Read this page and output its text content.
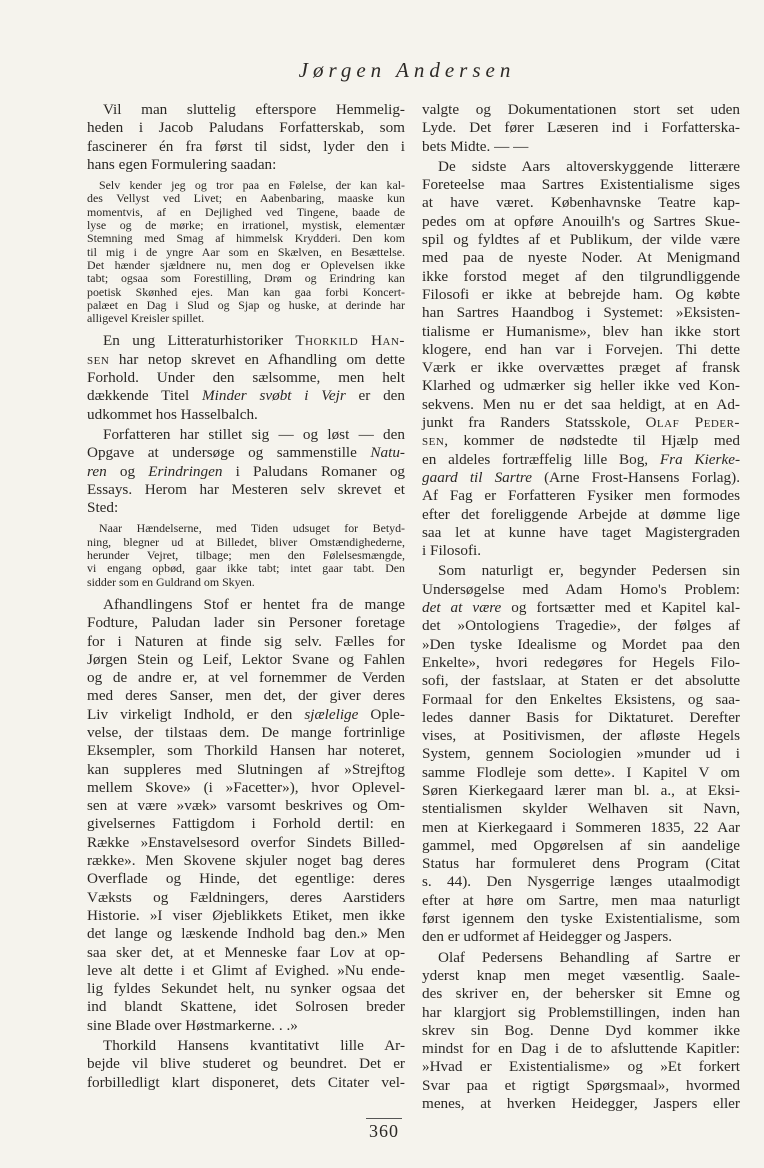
Jørgen Andersen
Vil man sluttelig efterspore Hemmelig-
heden i Jacob Paludans Forfatterskab, som
fascinerer én fra først til sidst, lyder den i
hans egen Formulering saadan:
Selv kender jeg og tror paa en Følelse, der kan kal-
des Vellyst ved Livet; en Aabenbaring, maaske kun
momentvis, af en Dejlighed ved Tingene, baade de
lyse og de mørke; en irrationel, mystisk, elementær
Stemning med Smag af himmelsk Krydderi. Den kom
til mig i de yngre Aar som en Skælven, en Besættelse.
Det hænder sjældnere nu, men dog er Oplevelsen ikke
tabt; ogsaa som Forestilling, Drøm og Erindring kan
poetisk Skønhed ejes. Man kan gaa forbi Koncert-
palæet en Dag i Slud og Sjap og huske, at derinde har
alligevel Kreisler spillet.
En ung Litteraturhistoriker Thorkild Han-
sen har netop skrevet en Afhandling om dette
Forhold. Under den sælsomme, men helt
dækkende Titel Minder svøbt i Vejr er den
udkommet hos Hasselbalch.
Forfatteren har stillet sig — og løst — den
Opgave at undersøge og sammenstille Natu-
ren og Erindringen i Paludans Romaner og
Essays. Herom har Mesteren selv skrevet et
Sted:
Naar Hændelserne, med Tiden udsuget for Betyd-
ning, blegner ud at Billedet, bliver Omstændighederne,
herunder Vejret, tilbage; men den Følelsesmængde,
vi engang opbød, gaar ikke tabt; intet gaar tabt. Den
sidder som en Guldrand om Skyen.
Afhandlingens Stof er hentet fra de mange
Fodture, Paludan lader sin Personer foretage
for i Naturen at finde sig selv. Fælles for
Jørgen Stein og Leif, Lektor Svane og Fahlen
og de andre er, at vel fornemmer de Verden
med deres Sanser, men det, der giver deres
Liv virkeligt Indhold, er den sjælelige Ople-
velse, der tilstaas dem. De mange fortrinlige
Eksempler, som Thorkild Hansen har noteret,
kan suppleres med Slutningen af »Strejftog
mellem Skove» (i »Facetter»), hvor Oplevel-
sen at være »væk» varsomt beskrives og Om-
givelsernes Fattigdom i Forhold dertil: en
Række »Enstavelsesord overfor Sindets Billed-
række». Men Skovene skjuler noget bag deres
Overflade og Hinde, det egentlige: deres
Væksts og Fældningers, deres Aarstiders
Historie. »I viser Øjeblikkets Etiket, men ikke
det lange og læskende Indhold bag den.» Men
saa sker det, at et Menneske faar Lov at op-
leve alt dette i et Glimt af Evighed. »Nu ende-
lig fyldes Sekundet helt, nu synker ogsaa det
ind blandt Skattene, idet Solrosen breder
sine Blade over Høstmarkerne. . .»
Thorkild Hansens kvantitativt lille Ar-
bejde vil blive studeret og beundret. Det er
forbilledligt klart disponeret, dets Citater vel-
valgte og Dokumentationen stort set uden
Lyde. Det fører Læseren ind i Forfatterska-
bets Midte. — —
De sidste Aars altoverskyggende litterære
Foreteelse maa Sartres Existentialisme siges
at have været. Københavnske Teatre kap-
pedes om at opføre Anouilh's og Sartres Skue-
spil og fyldtes af et Publikum, der vilde være
med paa de nyeste Noder. At Menigmand
ikke forstod meget af den tilgrundliggende
Filosofi er ikke at bebrejde ham. Og købte
han Sartres Haandbog i Systemet: »Eksisten-
tialisme er Humanisme», blev han ikke stort
klogere, end han var i Forvejen. Thi dette
Værk er ikke overvættes præget af fransk
Klarhed og udmærker sig heller ikke ved Kon-
sekvens. Men nu er det saa heldigt, at en Ad-
junkt fra Randers Statsskole, Olaf Peder-
sen, kommer de nødstedte til Hjælp med
en aldeles fortræffelig lille Bog, Fra Kierke-
gaard til Sartre (Arne Frost-Hansens Forlag).
Af Fag er Forfatteren Fysiker men formodes
efter det foreliggende Arbejde at dømme lige
saa let at kunne have taget Magistergraden
i Filosofi.
Som naturligt er, begynder Pedersen sin
Undersøgelse med Adam Homo's Problem:
det at være og fortsætter med et Kapitel kal-
det »Ontologiens Tragedie», der følges af
»Den tyske Idealisme og Mordet paa den
Enkelte», hvori redegøres for Hegels Filo-
sofi, der fastslaar, at Staten er det absolutte
Formaal for den Enkeltes Eksistens, og saa-
ledes danner Basis for Diktaturet. Derefter
vises, at Positivismen, der afløste Hegels
System, gennem Sociologien »munder ud i
samme Flodleje som dette». I Kapitel V om
Søren Kierkegaard lærer man bl. a., at Eksi-
stentialismen skylder Welhaven sit Navn,
men at Kierkegaard i Sommeren 1835, 22 Aar
gammel, med Opgørelsen af sin aandelige
Status har formuleret dens Program (Citat
s. 44). Den Nysgerrige længes utaalmodigt
efter at høre om Sartre, men maa naturligt
først igennem den tyske Existentialisme, som
den er udformet af Heidegger og Jaspers.
Olaf Pedersens Behandling af Sartre er
yderst knap men meget væsentlig. Saale-
des skriver en, der behersker sit Emne og
har klargjort sig Problemstillingen, inden han
skrev sin Bog. Denne Dyd kommer ikke
mindst for en Dag i de to afsluttende Kapitler:
»Hvad er Existentialisme» og »Et forkert
Svar paa et rigtigt Spørgsmaal», hvormed
menes, at hverken Heidegger, Jaspers eller
360
